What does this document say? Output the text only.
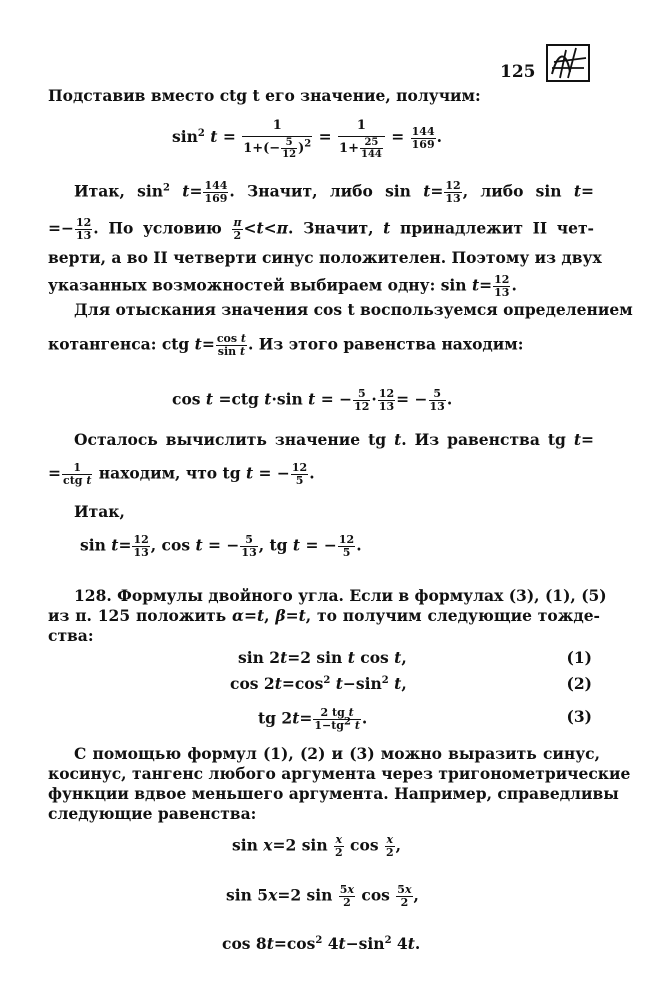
125
Подставив вместо ctg t его значение, получим:
$\sin^2 t = \frac{1}{1+(- \frac{5}{12} )^2} = \frac{1}{1+ \frac{25}{144}} = \frac{144}{169}$ .
Итак, $\sin^2 t= \frac{144}{169}$ . Значит, либо $\sin t= \frac{12}{13}$ , либо sin t=
=− $\frac{12}{13}$ . По условию $\frac{\pi}{2} <t<\pi$. Значит, t принадлежит II чет-
верти, а во II четверти синус положителен. Поэтому из двух
указанных возможностей выбираем одну: $\sin t= \frac{12}{13}$ .
Для отыскания значения cos t воспользуемся определением
котангенса: ctg $t= \frac{\text{cos t}}{\text{sin t}}$ . Из этого равенства находим:
cos t =ctg t·sin t = − $\frac{5}{12} \cdot \frac{12}{13}$ = − $\frac{5}{13}$ .
Осталось вычислить значение tg t. Из равенства tg t=
=	1
ctg t находим, что tg t = − $\frac{12}{5}$ .
Итак,
$\sin t= \frac{12}{13}$ , cos t = − $\frac{5}{13}$ , tg t = − $\frac{12}{5}$ .
128. Формулы двойного угла. Если в формулах (3), (1), (5)
из п. 125 положить α=t, β=t, то получим следующие тожде-
ства:
sin 2t=2 sin t cos t,	(1)
$\cos 2t=\cos^2$ $t-\sin^2$ t,	(2)
tg $2t= \frac{\text{2 tg t}}{1-tg^2 t}$ .	(3)
С помощью формул (1), (2) и (3) можно выразить синус,
косинус, тангенс любого аргумента через тригонометрические
функции вдвое меньшего аргумента. Например, справедливы
следующие равенства:
sin x=2 $\sin \frac{x}{2}$ $\cos \frac{x}{2}$ ,
sin 5x=2 $\sin \frac{5x}{2}$ $\cos \frac{5x}{2}$ ,
$\cos 8t=\cos^2$ $4t-\sin^2$ 4t.
